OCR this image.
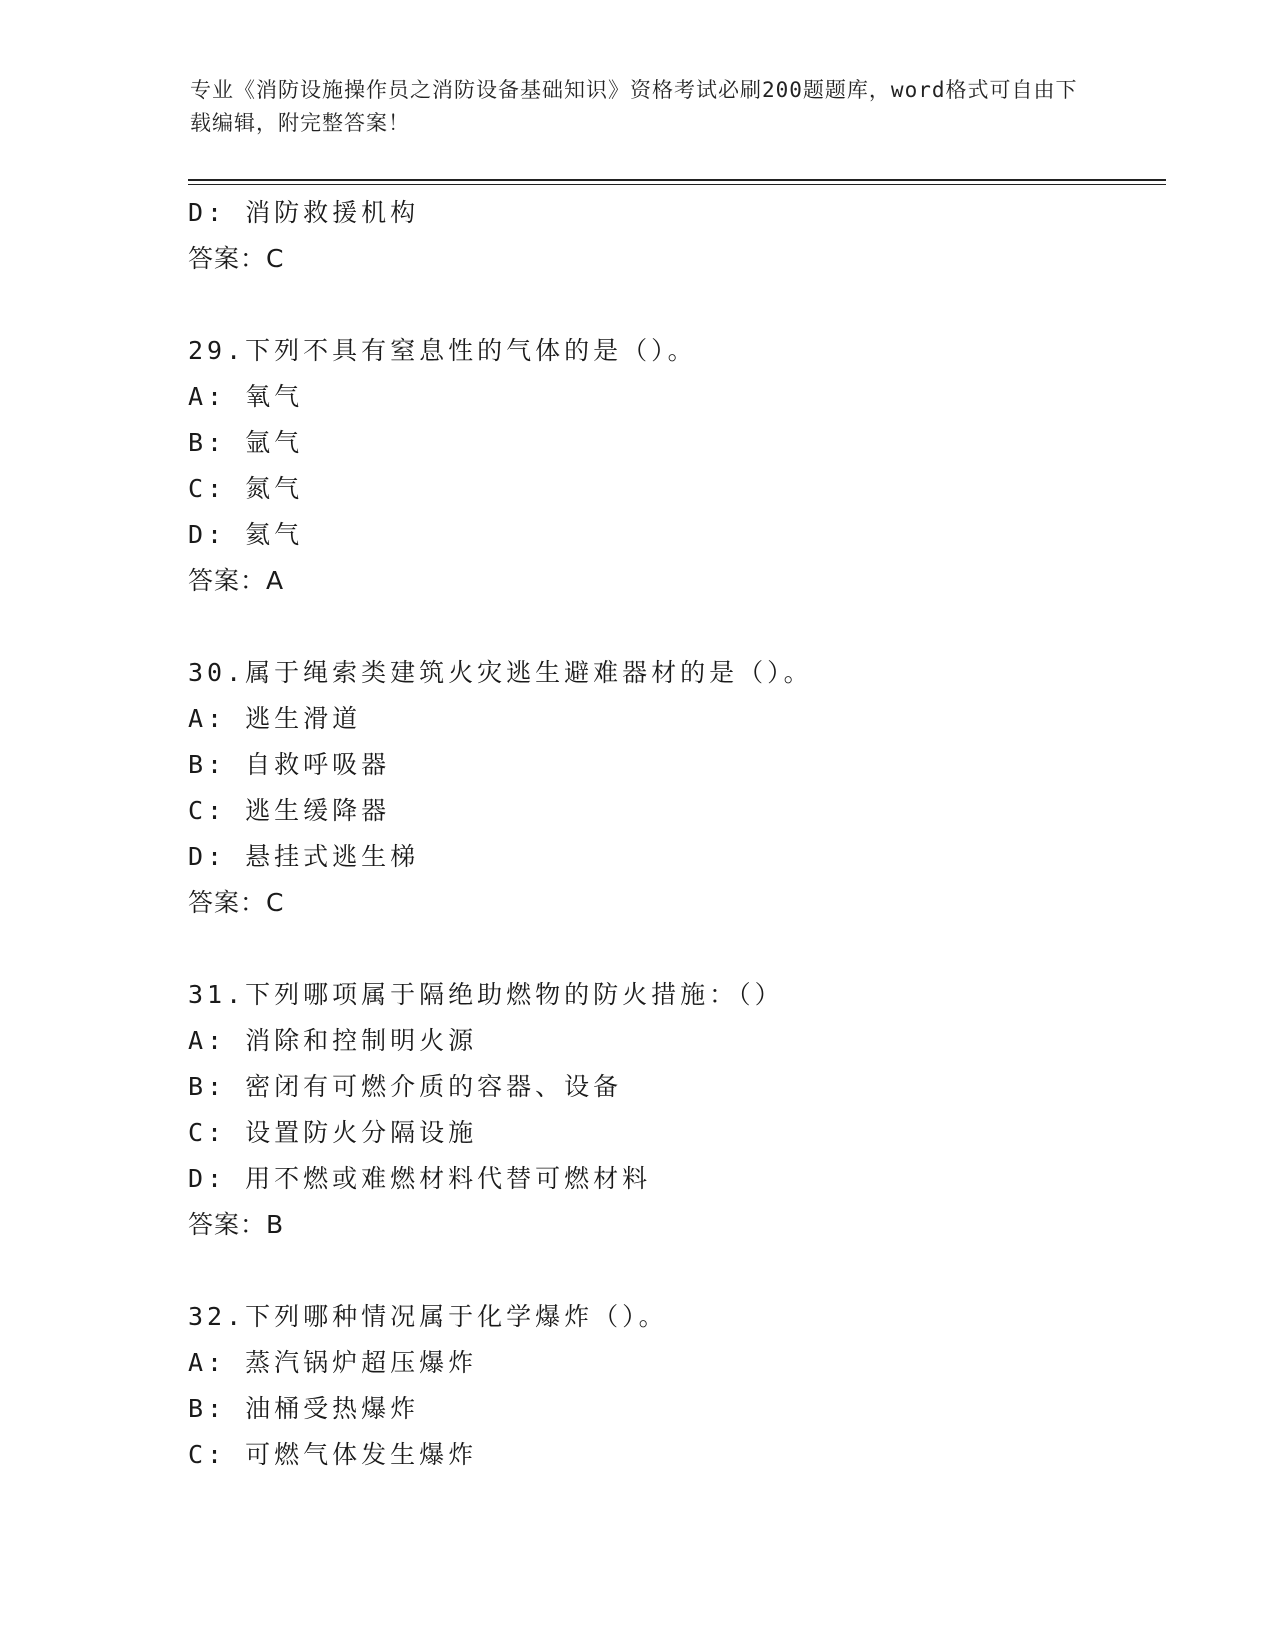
专业《消防设施操作员之消防设备基础知识》资格考试必刷200题题库，word格式可自由下载编辑，附完整答案！
D: 消防救援机构
答案：C
29.下列不具有窒息性的气体的是（）。
A: 氧气
B: 氩气
C: 氮气
D: 氦气
答案：A
30.属于绳索类建筑火灾逃生避难器材的是（）。
A: 逃生滑道
B: 自救呼吸器
C: 逃生缓降器
D: 悬挂式逃生梯
答案：C
31.下列哪项属于隔绝助燃物的防火措施：（）
A: 消除和控制明火源
B: 密闭有可燃介质的容器、设备
C: 设置防火分隔设施
D: 用不燃或难燃材料代替可燃材料
答案：B
32.下列哪种情况属于化学爆炸（）。
A: 蒸汽锅炉超压爆炸
B: 油桶受热爆炸
C: 可燃气体发生爆炸
